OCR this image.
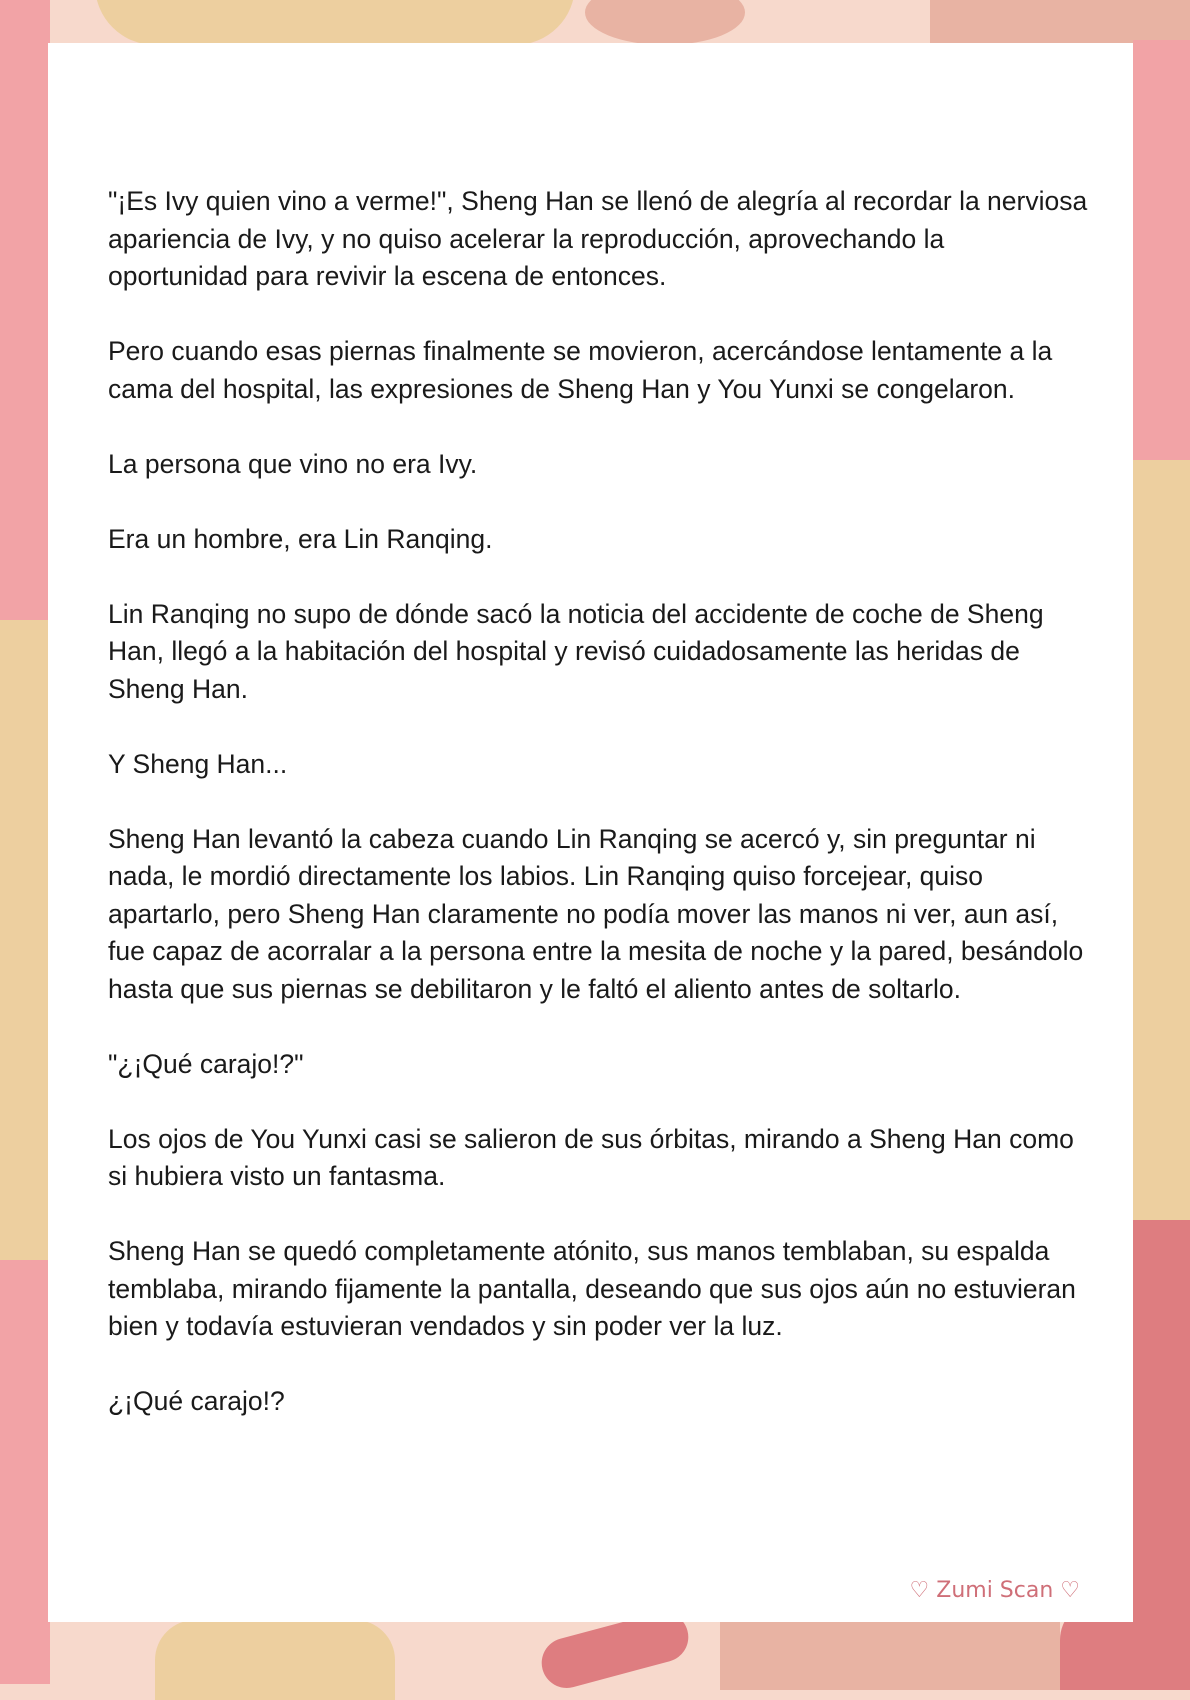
"¡Es Ivy quien vino a verme!", Sheng Han se llenó de alegría al recordar la nerviosa apariencia de Ivy, y no quiso acelerar la reproducción, aprovechando la oportunidad para revivir la escena de entonces.

Pero cuando esas piernas finalmente se movieron, acercándose lentamente a la cama del hospital, las expresiones de Sheng Han y You Yunxi se congelaron.

La persona que vino no era Ivy.

Era un hombre, era Lin Ranqing.

Lin Ranqing no supo de dónde sacó la noticia del accidente de coche de Sheng Han, llegó a la habitación del hospital y revisó cuidadosamente las heridas de Sheng Han.

Y Sheng Han...

Sheng Han levantó la cabeza cuando Lin Ranqing se acercó y, sin preguntar ni nada, le mordió directamente los labios. Lin Ranqing quiso forcejear, quiso apartarlo, pero Sheng Han claramente no podía mover las manos ni ver, aun así, fue capaz de acorralar a la persona entre la mesita de noche y la pared, besándolo hasta que sus piernas se debilitaron y le faltó el aliento antes de soltarlo.

"¿¡Qué carajo!?"

Los ojos de You Yunxi casi se salieron de sus órbitas, mirando a Sheng Han como si hubiera visto un fantasma.

Sheng Han se quedó completamente atónito, sus manos temblaban, su espalda temblaba, mirando fijamente la pantalla, deseando que sus ojos aún no estuvieran bien y todavía estuvieran vendados y sin poder ver la luz.

¿¡Qué carajo!?

♡ Zumi Scan ♡
